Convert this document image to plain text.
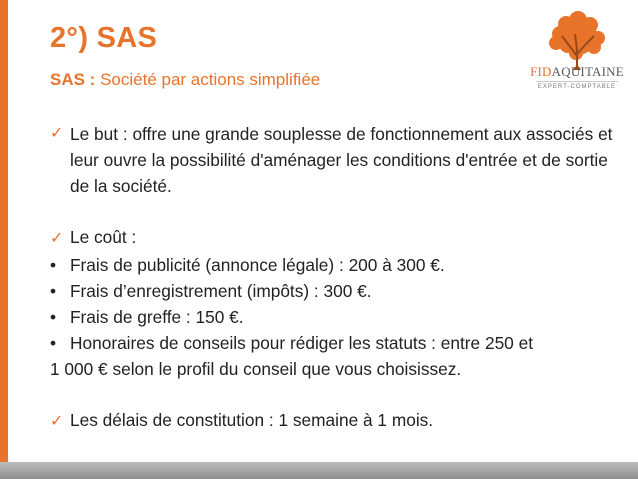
2°) SAS
SAS : Société par actions simplifiée	FIDAQUITAINE
EXPERT-COMPTABLE
✓ Le but : offre une grande souplesse de fonctionnement aux associés et leur ouvre la possibilité d'aménager les conditions d'entrée et de sortie de la société.
✓ Le coût :
• Frais de publicité (annonce légale) : 200 à 300 €.
• Frais d’enregistrement (impôts) : 300 €.
• Frais de greffe : 150 €.
• Honoraires de conseils pour rédiger les statuts : entre 250 et
1 000 € selon le profil du conseil que vous choisissez.
✓ Les délais de constitution : 1 semaine à 1 mois.
